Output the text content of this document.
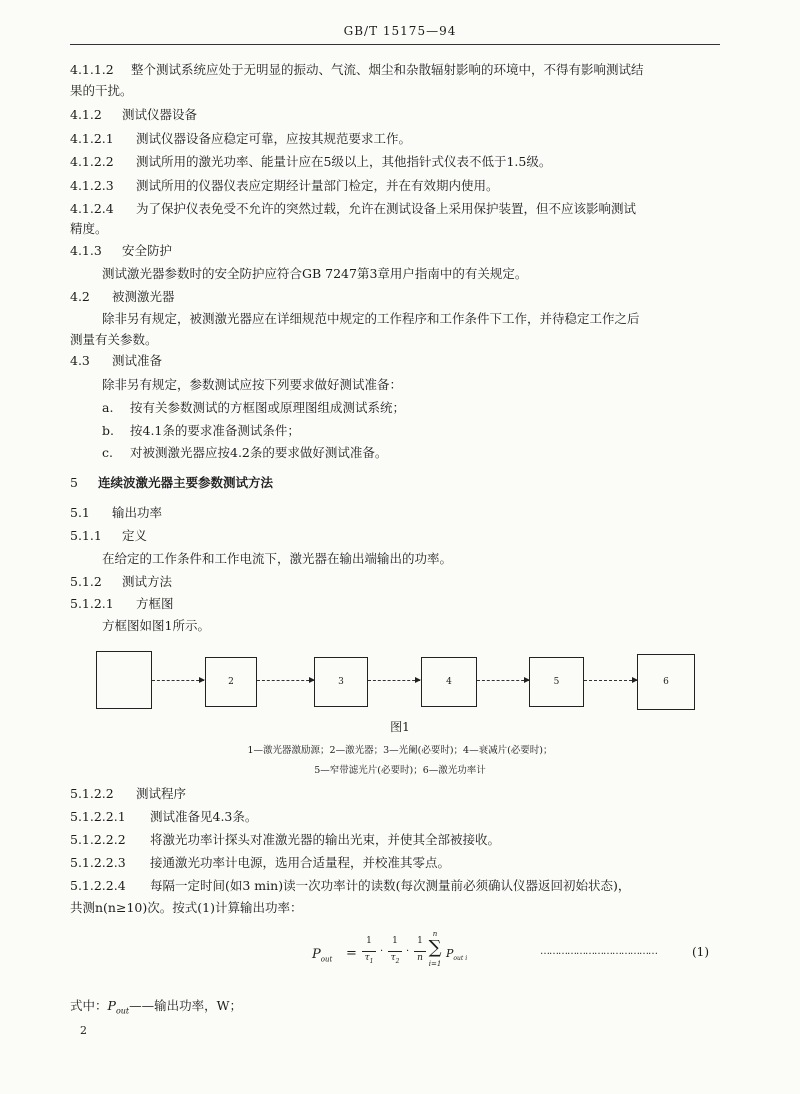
GB/T 15175—94
4.1.1.2 整个测试系统应处于无明显的振动、气流、烟尘和杂散辐射影响的环境中，不得有影响测试结
果的干扰。
4.1.2 测试仪器设备
4.1.2.1 测试仪器设备应稳定可靠，应按其规范要求工作。
4.1.2.2 测试所用的激光功率、能量计应在5级以上，其他指针式仪表不低于1.5级。
4.1.2.3 测试所用的仪器仪表应定期经计量部门检定，并在有效期内使用。
4.1.2.4 为了保护仪表免受不允许的突然过载，允许在测试设备上采用保护装置，但不应该影响测试
精度。
4.1.3 安全防护
测试激光器参数时的安全防护应符合GB 7247第3章用户指南中的有关规定。
4.2 被测激光器
除非另有规定，被测激光器应在详细规范中规定的工作程序和工作条件下工作，并待稳定工作之后
测量有关参数。
4.3 测试准备
除非另有规定，参数测试应按下列要求做好测试准备：
a. 按有关参数测试的方框图或原理图组成测试系统；
b. 按4.1条的要求准备测试条件；
c. 对被测激光器应按4.2条的要求做好测试准备。
5 连续波激光器主要参数测试方法
5.1 输出功率
5.1.1 定义
在给定的工作条件和工作电流下，激光器在输出端输出的功率。
5.1.2 测试方法
5.1.2.1 方框图
方框图如图1所示。
2	3	4	5	6
图1
1—激光器激励源；2—激光器；3—光阑(必要时)；4—衰减片(必要时)；
5—窄带滤光片(必要时)；6—激光功率计
5.1.2.2 测试程序
5.1.2.2.1 测试准备见4.3条。
5.1.2.2.2 将激光功率计探头对准激光器的输出光束，并使其全部被接收。
5.1.2.2.3 接通激光功率计电源，选用合适量程，并校准其零点。
5.1.2.2.4 每隔一定时间(如3 min)读一次功率计的读数(每次测量前必须确认仪器返回初始状态)，
共测n(n≥10)次。按式(1)计算输出功率：
$P_{out}$ =
1
$\tau_1$
·
1
$\tau_2$
·
1
n
n
∑
i=1
$P_{out i}$
…………………………………	(1)
式中：$P_{out}——$输出功率，W；
2
